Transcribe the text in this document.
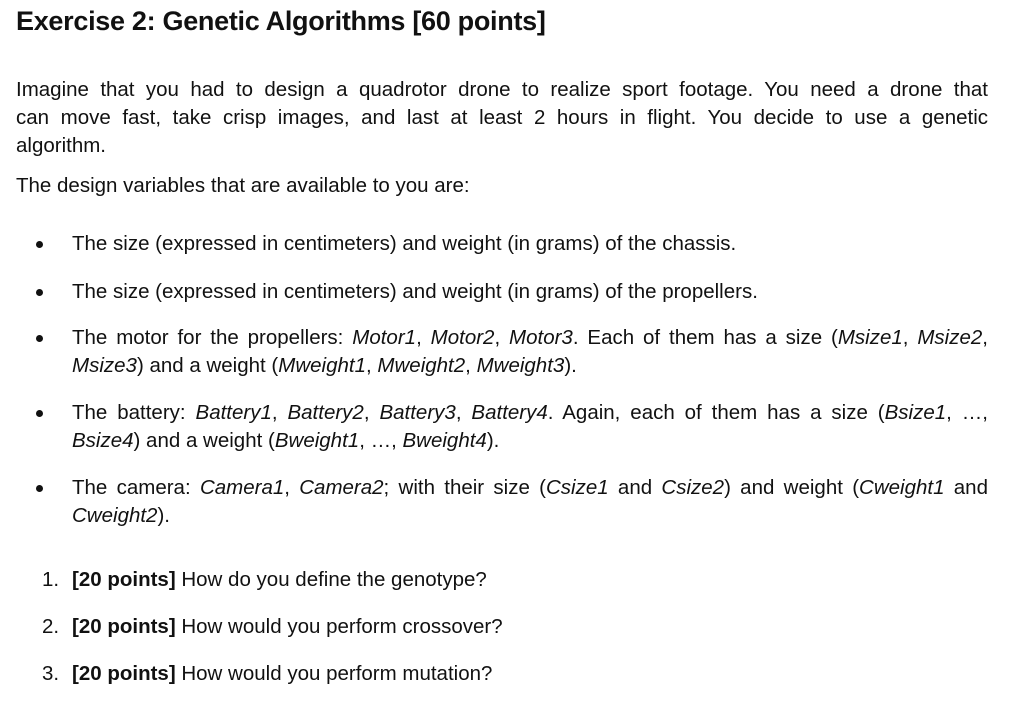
Exercise 2: Genetic Algorithms [60 points]

Imagine that you had to design a quadrotor drone to realize sport footage. You need a drone that
can move fast, take crisp images, and last at least 2 hours in flight. You decide to use a genetic
algorithm.

The design variables that are available to you are:

The size (expressed in centimeters) and weight (in grams) of the chassis.
The size (expressed in centimeters) and weight (in grams) of the propellers.
The motor for the propellers: Motor1, Motor2, Motor3. Each of them has a size (Msize1, Msize2,
Msize3) and a weight (Mweight1, Mweight2, Mweight3).
The battery: Battery1, Battery2, Battery3, Battery4. Again, each of them has a size (Bsize1, …,
Bsize4) and a weight (Bweight1, …, Bweight4).
The camera: Camera1, Camera2; with their size (Csize1 and Csize2) and weight (Cweight1 and
Cweight2).
1. [20 points] How do you define the genotype?
2. [20 points] How would you perform crossover?
3. [20 points] How would you perform mutation?
